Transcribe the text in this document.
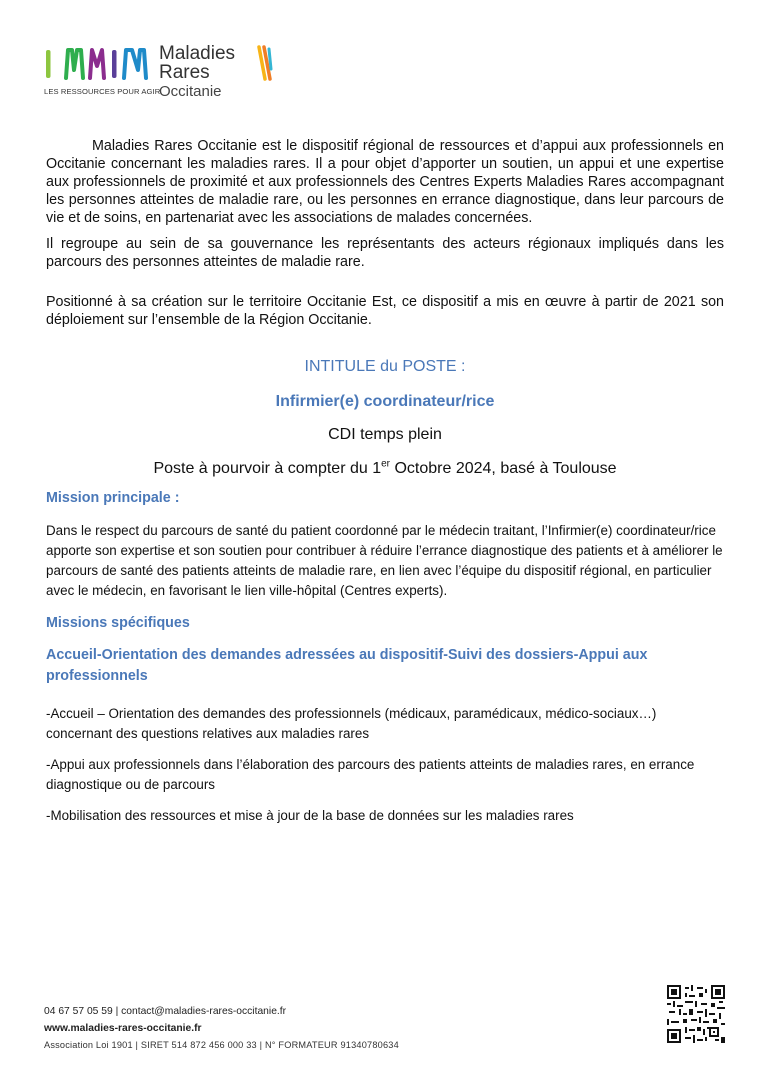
Maladies
Rares
Occitanie
LES RESSOURCES POUR AGIR

Maladies Rares Occitanie est le dispositif régional de ressources et d’appui aux professionnels en Occitanie concernant les maladies rares. Il a pour objet d’apporter un soutien, un appui et une expertise aux professionnels de proximité et aux professionnels des Centres Experts Maladies Rares accompagnant les personnes atteintes de maladie rare, ou les personnes en errance diagnostique, dans leur parcours de vie et de soins, en partenariat avec les associations de malades concernées.

Il regroupe au sein de sa gouvernance les représentants des acteurs régionaux impliqués dans les parcours des personnes atteintes de maladie rare.

Positionné à sa création sur le territoire Occitanie Est, ce dispositif a mis en œuvre à partir de 2021 son déploiement sur l’ensemble de la Région Occitanie.

INTITULE du POSTE :

Infirmier(e) coordinateur/rice

CDI temps plein

Poste à pourvoir à compter du 1er Octobre 2024, basé à Toulouse

Mission principale :

Dans le respect du parcours de santé du patient coordonné par le médecin traitant, l’Infirmier(e) coordinateur/rice apporte son expertise et son soutien pour contribuer à réduire l’errance diagnostique des patients et à améliorer le parcours de santé des patients atteints de maladie rare, en lien avec l’équipe du dispositif régional, en particulier avec le médecin, en favorisant le lien ville-hôpital (Centres experts).

Missions spécifiques

Accueil-Orientation des demandes adressées au dispositif-Suivi des dossiers-Appui aux professionnels

-Accueil – Orientation des demandes des professionnels (médicaux, paramédicaux, médico-sociaux…) concernant des questions relatives aux maladies rares

-Appui aux professionnels dans l’élaboration des parcours des patients atteints de maladies rares, en errance diagnostique ou de parcours

-Mobilisation des ressources et mise à jour de la base de données sur les maladies rares

04 67 57 05 59 | contact@maladies-rares-occitanie.fr
www.maladies-rares-occitanie.fr
Association Loi 1901 | SIRET 514 872 456 000 33 | N° FORMATEUR 91340780634
